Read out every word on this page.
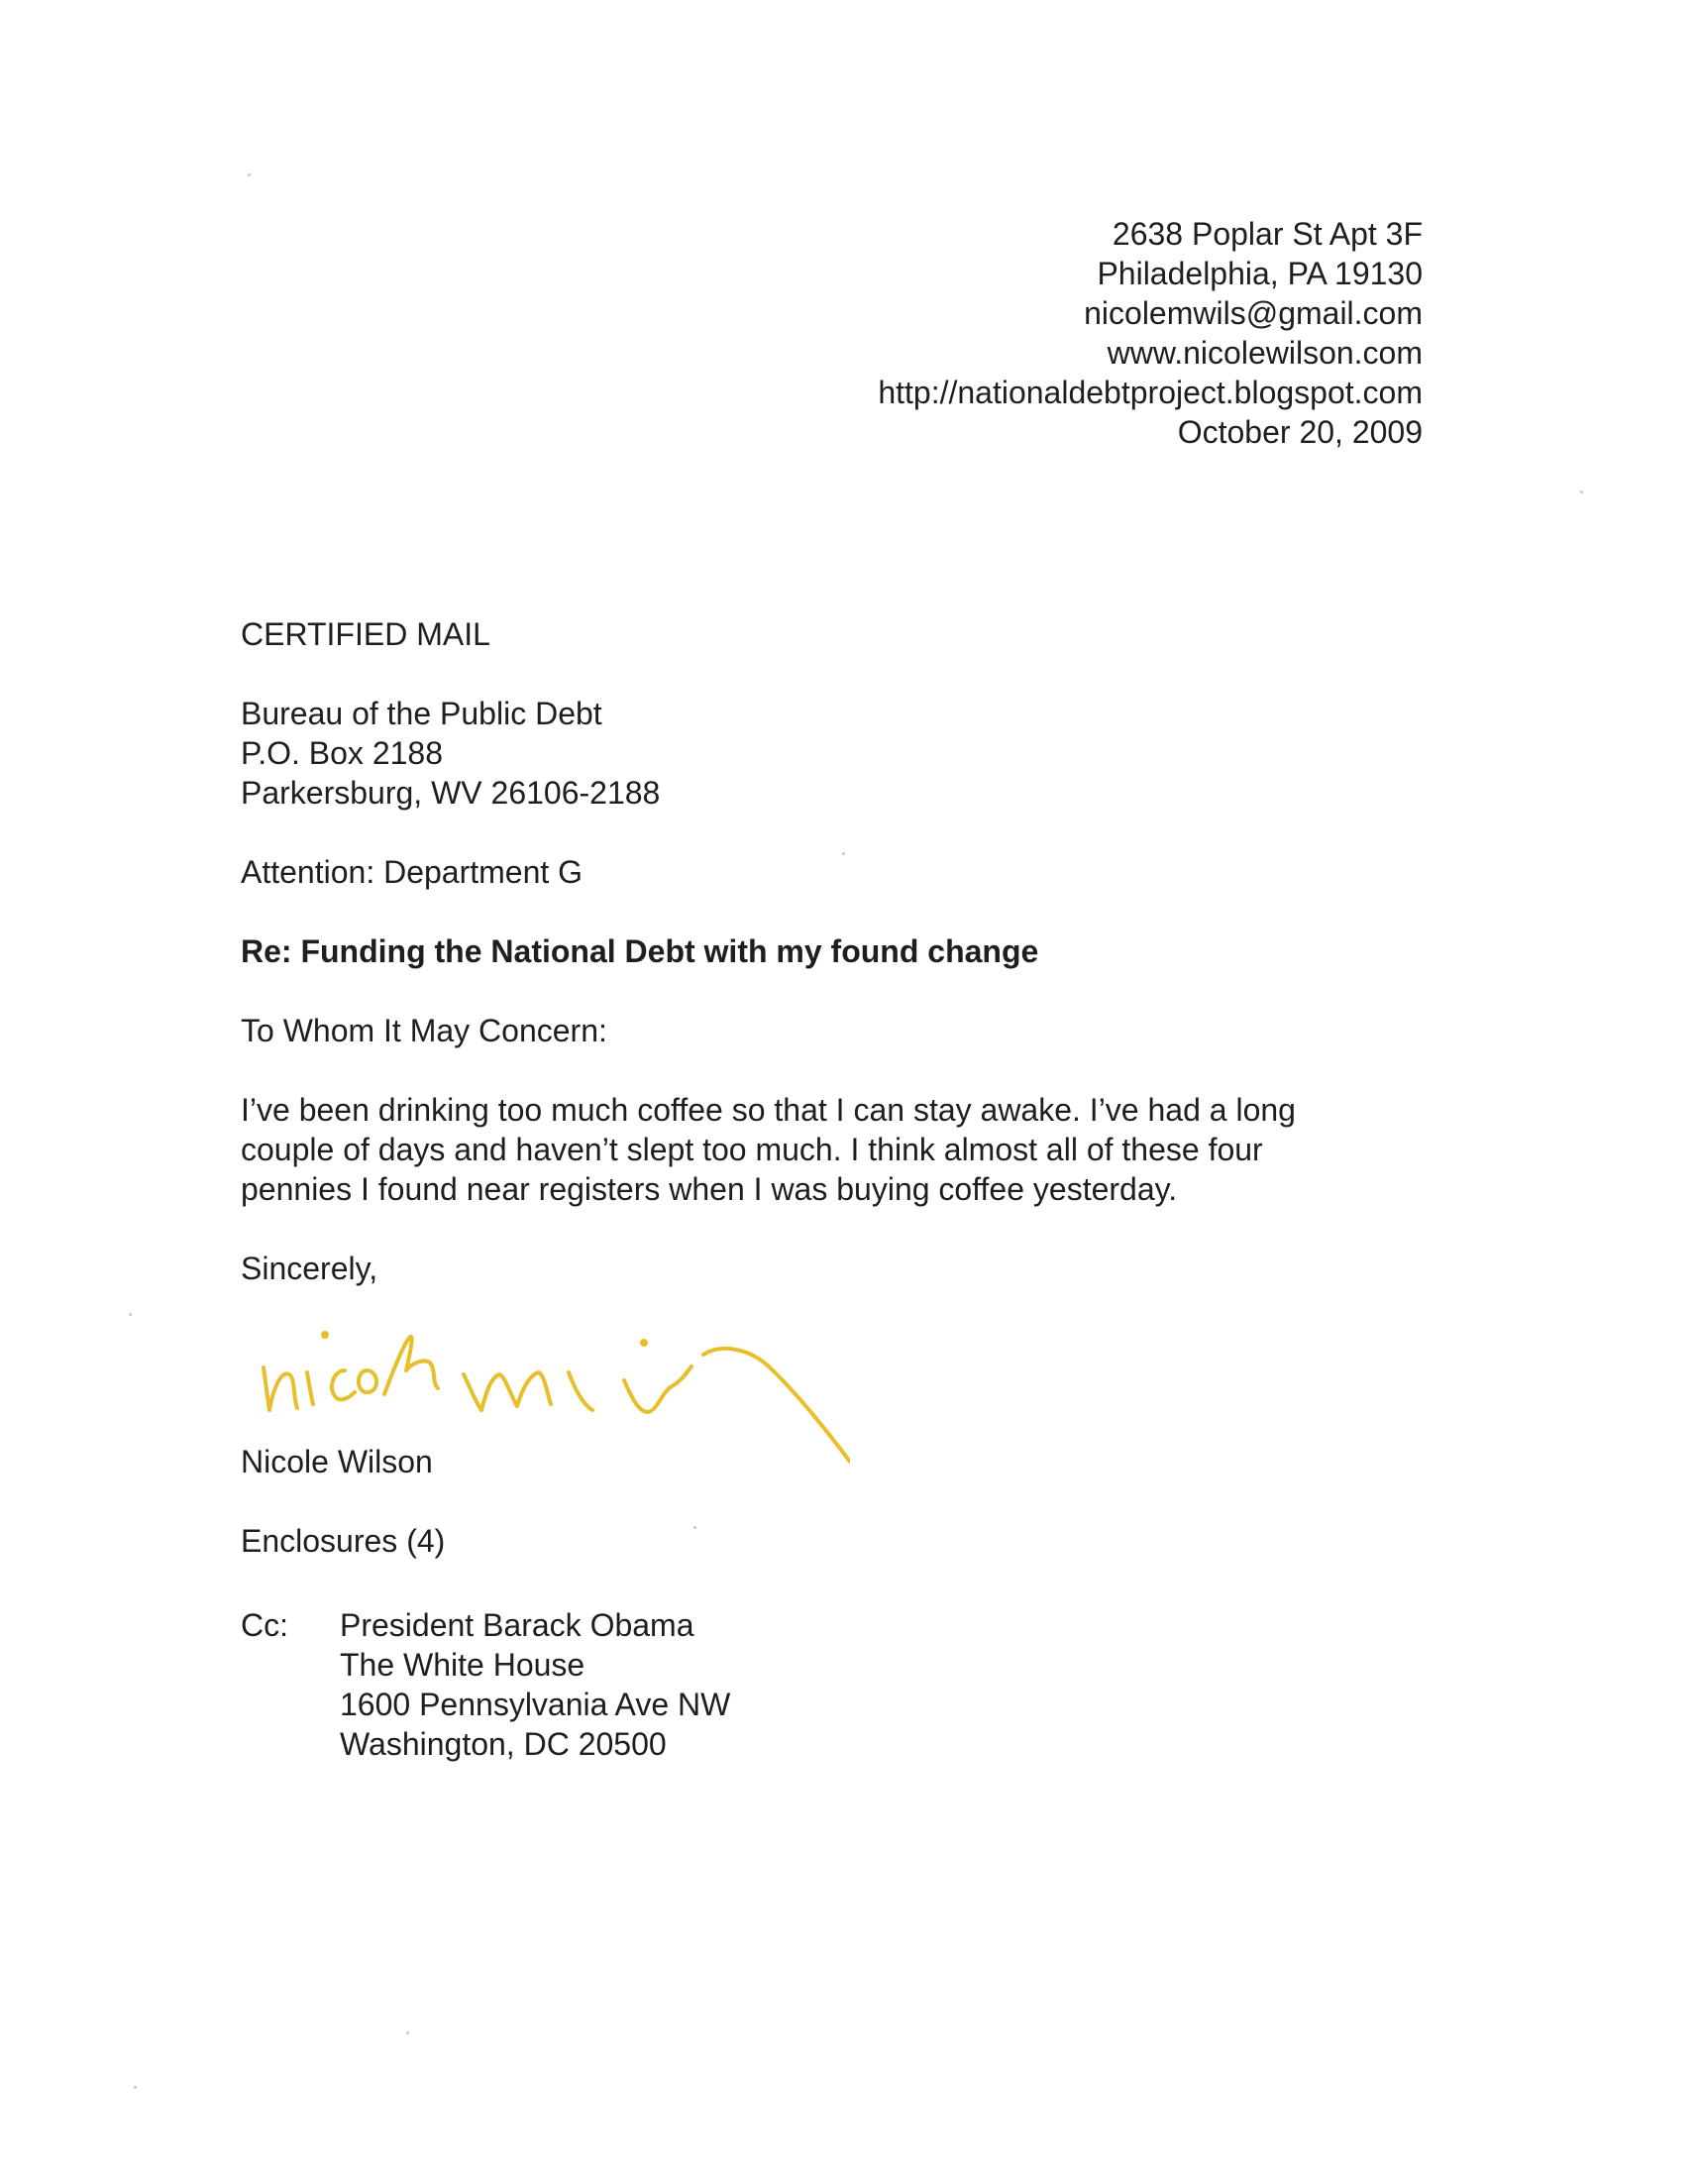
2638 Poplar St Apt 3F
Philadelphia, PA 19130
nicolemwils@gmail.com
www.nicolewilson.com
http://nationaldebtproject.blogspot.com
October 20, 2009
CERTIFIED MAIL
Bureau of the Public Debt
P.O. Box 2188
Parkersburg, WV 26106-2188
Attention: Department G
Re: Funding the National Debt with my found change
To Whom It May Concern:
I’ve been drinking too much coffee so that I can stay awake. I’ve had a long
couple of days and haven’t slept too much. I think almost all of these four
pennies I found near registers when I was buying coffee yesterday.
Sincerely,
Nicole Wilson
Enclosures (4)
Cc: President Barack Obama
The White House
1600 Pennsylvania Ave NW
Washington, DC 20500
